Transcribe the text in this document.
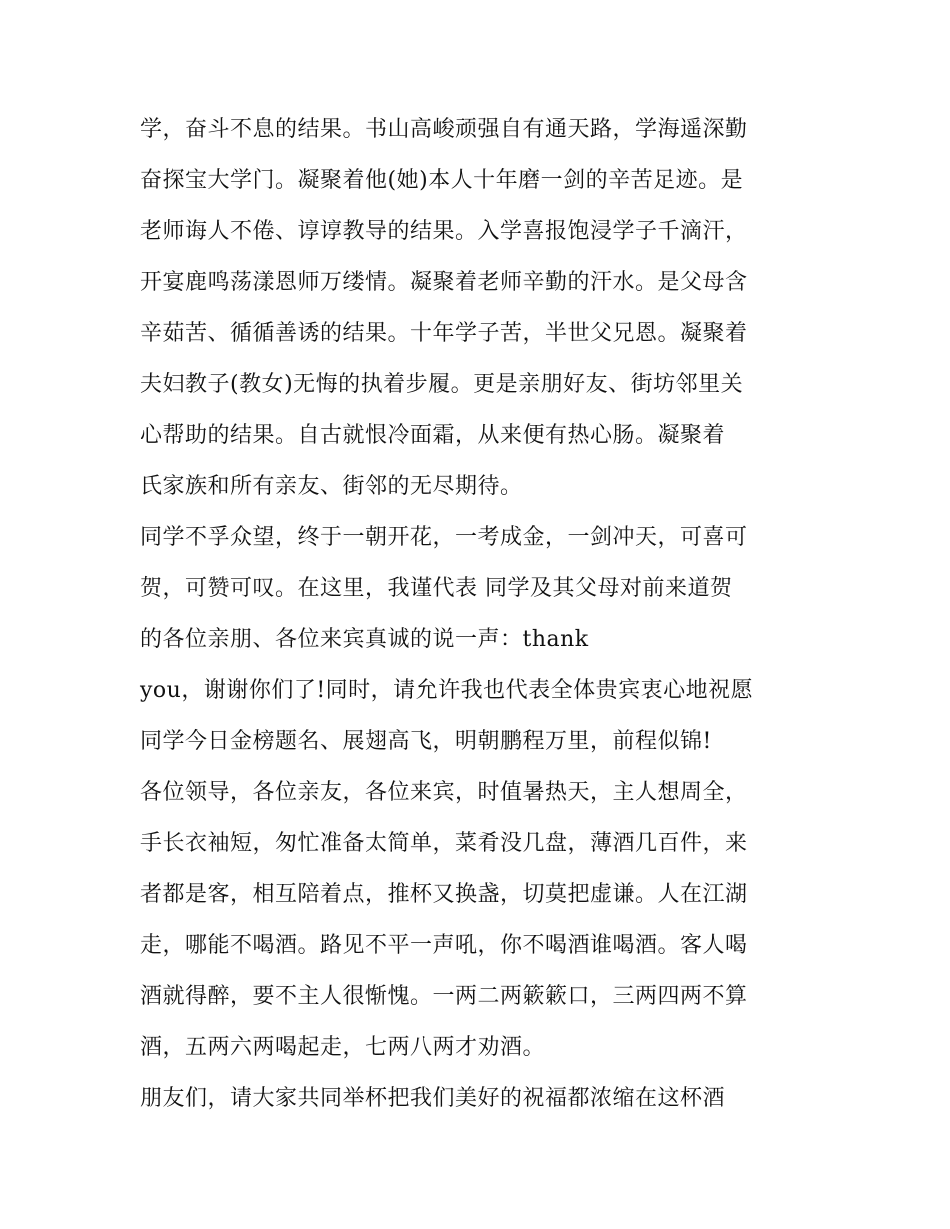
学，奋斗不息的结果。书山高峻顽强自有通天路，学海遥深勤
奋探宝大学门。凝聚着他(她)本人十年磨一剑的辛苦足迹。是
老师诲人不倦、谆谆教导的结果。入学喜报饱浸学子千滴汗，
开宴鹿鸣荡漾恩师万缕情。凝聚着老师辛勤的汗水。是父母含
辛茹苦、循循善诱的结果。十年学子苦，半世父兄恩。凝聚着
夫妇教子(教女)无悔的执着步履。更是亲朋好友、街坊邻里关
心帮助的结果。自古就恨冷面霜，从来便有热心肠。凝聚着
氏家族和所有亲友、街邻的无尽期待。
同学不孚众望，终于一朝开花，一考成金，一剑冲天，可喜可
贺，可赞可叹。在这里，我谨代表 同学及其父母对前来道贺
的各位亲朋、各位来宾真诚的说一声：thank
you，谢谢你们了!同时，请允许我也代表全体贵宾衷心地祝愿
同学今日金榜题名、展翅高飞，明朝鹏程万里，前程似锦!
各位领导，各位亲友，各位来宾，时值暑热天，主人想周全，
手长衣袖短，匆忙准备太简单，菜肴没几盘，薄酒几百件，来
者都是客，相互陪着点，推杯又换盏，切莫把虚谦。人在江湖
走，哪能不喝酒。路见不平一声吼，你不喝酒谁喝酒。客人喝
酒就得醉，要不主人很惭愧。一两二两簌簌口，三两四两不算
酒，五两六两喝起走，七两八两才劝酒。
朋友们，请大家共同举杯把我们美好的祝福都浓缩在这杯酒
